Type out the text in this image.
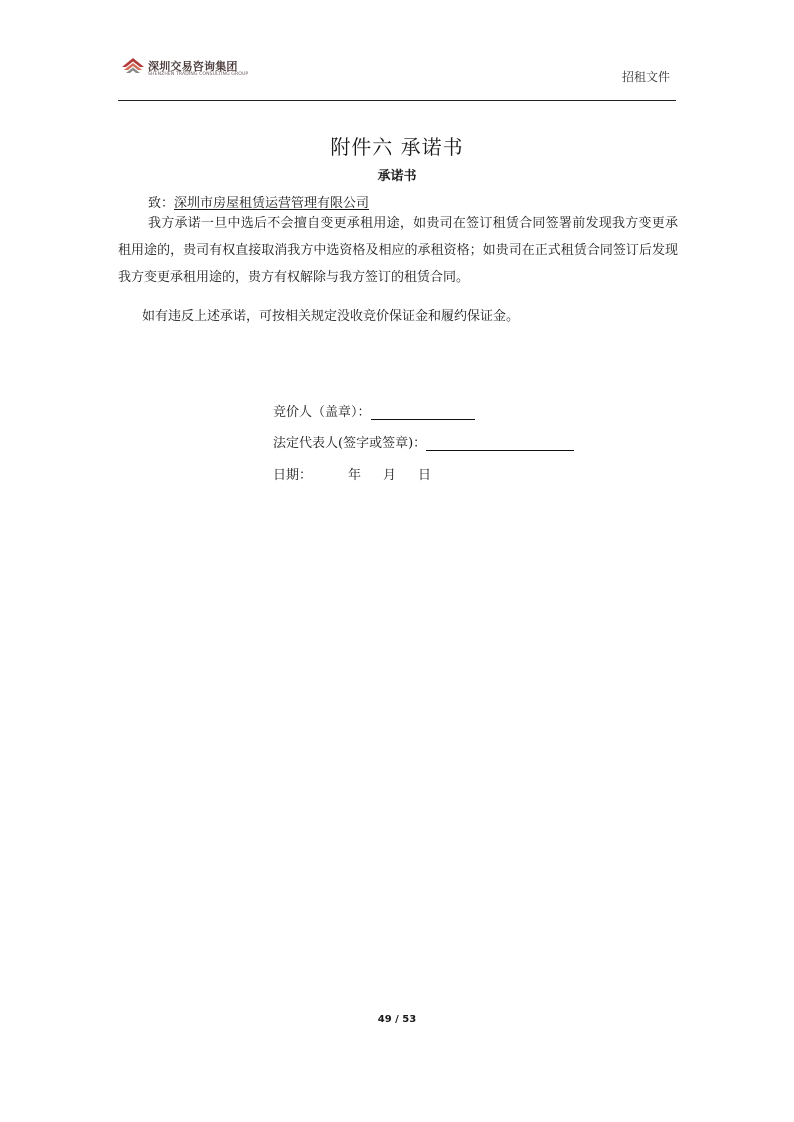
深圳交易咨询集团
SHENZHEN TRADING CONSULTING GROUP	招租文件
附件六 承诺书
承诺书
致：深圳市房屋租赁运营管理有限公司
我方承诺一旦中选后不会擅自变更承租用途，如贵司在签订租赁合同签署前发现我方变更承租用途的，贵司有权直接取消我方中选资格及相应的承租资格；如贵司在正式租赁合同签订后发现我方变更承租用途的，贵方有权解除与我方签订的租赁合同。
如有违反上述承诺，可按相关规定没收竞价保证金和履约保证金。
竞价人（盖章）：
法定代表人(签字或签章)：
日期：	年 月 日
49 / 53
